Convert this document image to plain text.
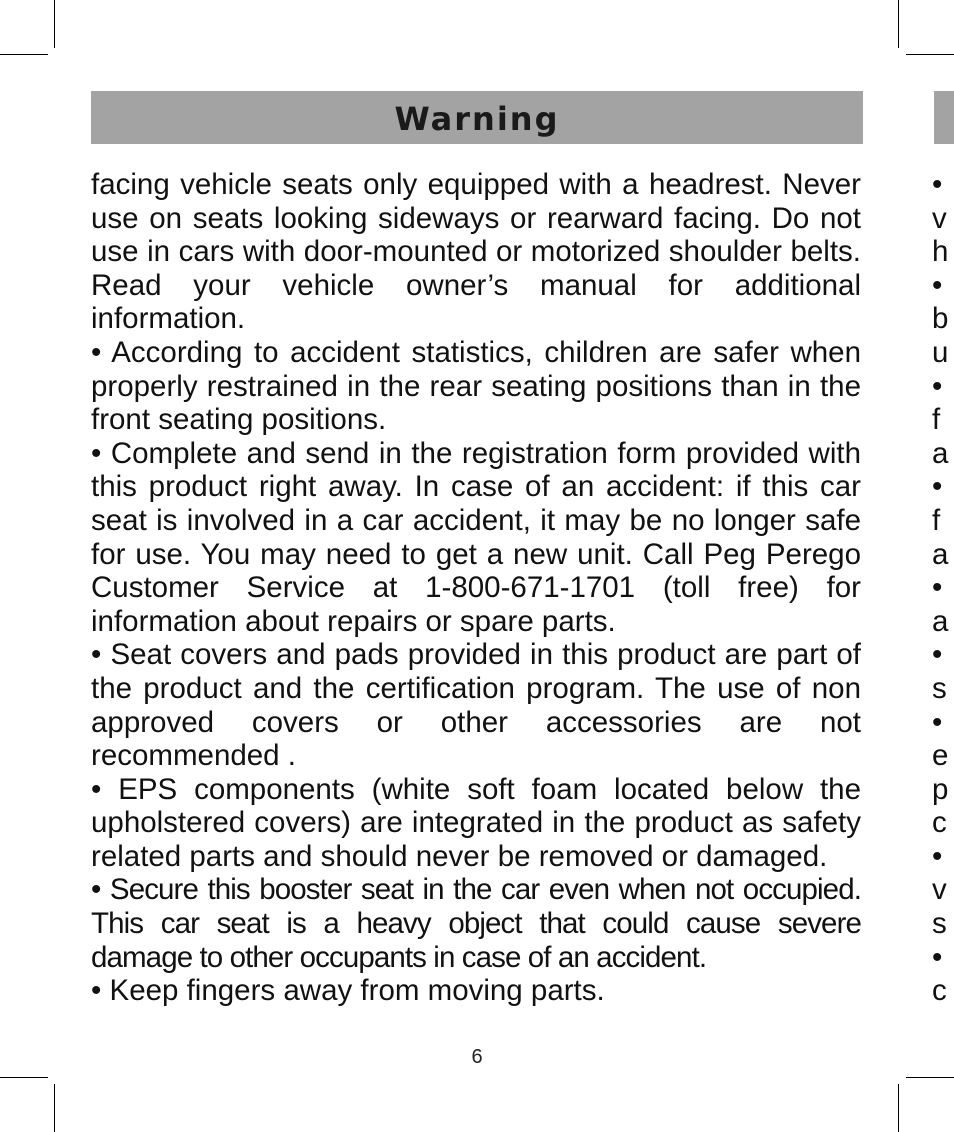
Warning

facing vehicle seats only equipped with a headrest. Never use on seats looking sideways or rearward facing. Do not use in cars with door-mounted or motorized shoulder belts. Read your vehicle owner’s manual for additional information.

• According to accident statistics, children are safer when properly restrained in the rear seating positions than in the front seating positions.

• Complete and send in the registration form provided with this product right away. In case of an accident: if this car seat is involved in a car accident, it may be no longer safe for use. You may need to get a new unit. Call Peg Perego Customer Service at 1-800-671-1701 (toll free) for information about repairs or spare parts.

• Seat covers and pads provided in this product are part of the product and the certification program. The use of non approved covers or other accessories are not recommended .

• EPS components (white soft foam located below the upholstered covers) are integrated in the product as safety related parts and should never be removed or damaged.

• Secure this booster seat in the car even when not occupied. This car seat is a heavy object that could cause severe damage to other occupants in case of an accident.

• Keep fingers away from moving parts.

•
v
h
•
b
u
•
f
a
•
f
a
•
a
•
s
•
e
p
c
•
v
s
•
c
6
